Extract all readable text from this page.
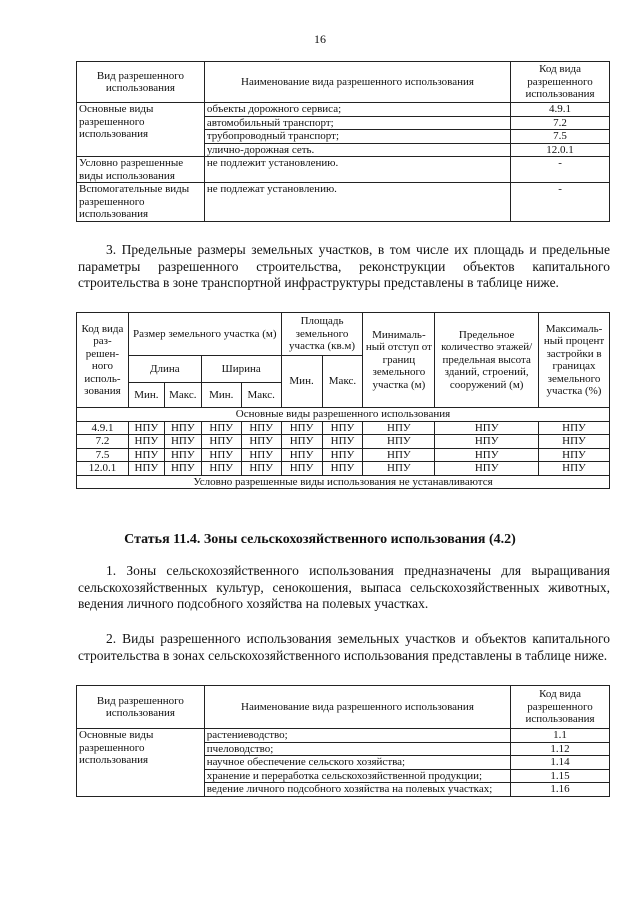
16
Вид разрешенного использования	Наименование вида разрешенного использования	Код вида разрешенного использования
Основные виды разрешенного использования	объекты дорожного сервиса;	4.9.1
	автомобильный транспорт;	7.2
	трубопроводный транспорт;	7.5
	улично-дорожная сеть.	12.0.1
Условно разрешенные виды использования	не подлежит установлению.	-
Вспомогательные виды разрешенного использования	не подлежат установлению.	-

3. Предельные размеры земельных участков, в том числе их площадь и предельные параметры разрешенного строительства, реконструкции объектов капитального строительства в зоне транспортной инфраструктуры представлены в таблице ниже.

Код вида раз-решен-ного исполь-зования	Размер земельного участка (м)				Площадь земельного участка (кв.м)		Минималь-ный отступ от границ земельного участка (м)	Предельное количество этажей/ предельная высота зданий, строений, сооружений (м)	Максималь-ный процент застройки в границах земельного участка (%)
	Длина		Ширина		Мин.	Макс.			
	Мин.	Макс.	Мин.	Макс.					
Основные виды разрешенного использования									
4.9.1	НПУ	НПУ	НПУ	НПУ	НПУ	НПУ	НПУ	НПУ	НПУ
7.2	НПУ	НПУ	НПУ	НПУ	НПУ	НПУ	НПУ	НПУ	НПУ
7.5	НПУ	НПУ	НПУ	НПУ	НПУ	НПУ	НПУ	НПУ	НПУ
12.0.1	НПУ	НПУ	НПУ	НПУ	НПУ	НПУ	НПУ	НПУ	НПУ
Условно разрешенные виды использования не устанавливаются									
Статья 11.4. Зоны сельскохозяйственного использования (4.2)

1. Зоны сельскохозяйственного использования предназначены для выращивания сельскохозяйственных культур, сенокошения, выпаса сельскохозяйственных животных, ведения личного подсобного хозяйства на полевых участках.

2. Виды разрешенного использования земельных участков и объектов капитального строительства в зонах сельскохозяйственного использования представлены в таблице ниже.

Вид разрешенного использования	Наименование вида разрешенного использования	Код вида разрешенного использования
Основные виды разрешенного использования	растениеводство;	1.1
	пчеловодство;	1.12
	научное обеспечение сельского хозяйства;	1.14
	хранение и переработка сельскохозяйственной продукции;	1.15
	ведение личного подсобного хозяйства на полевых участках;	1.16
